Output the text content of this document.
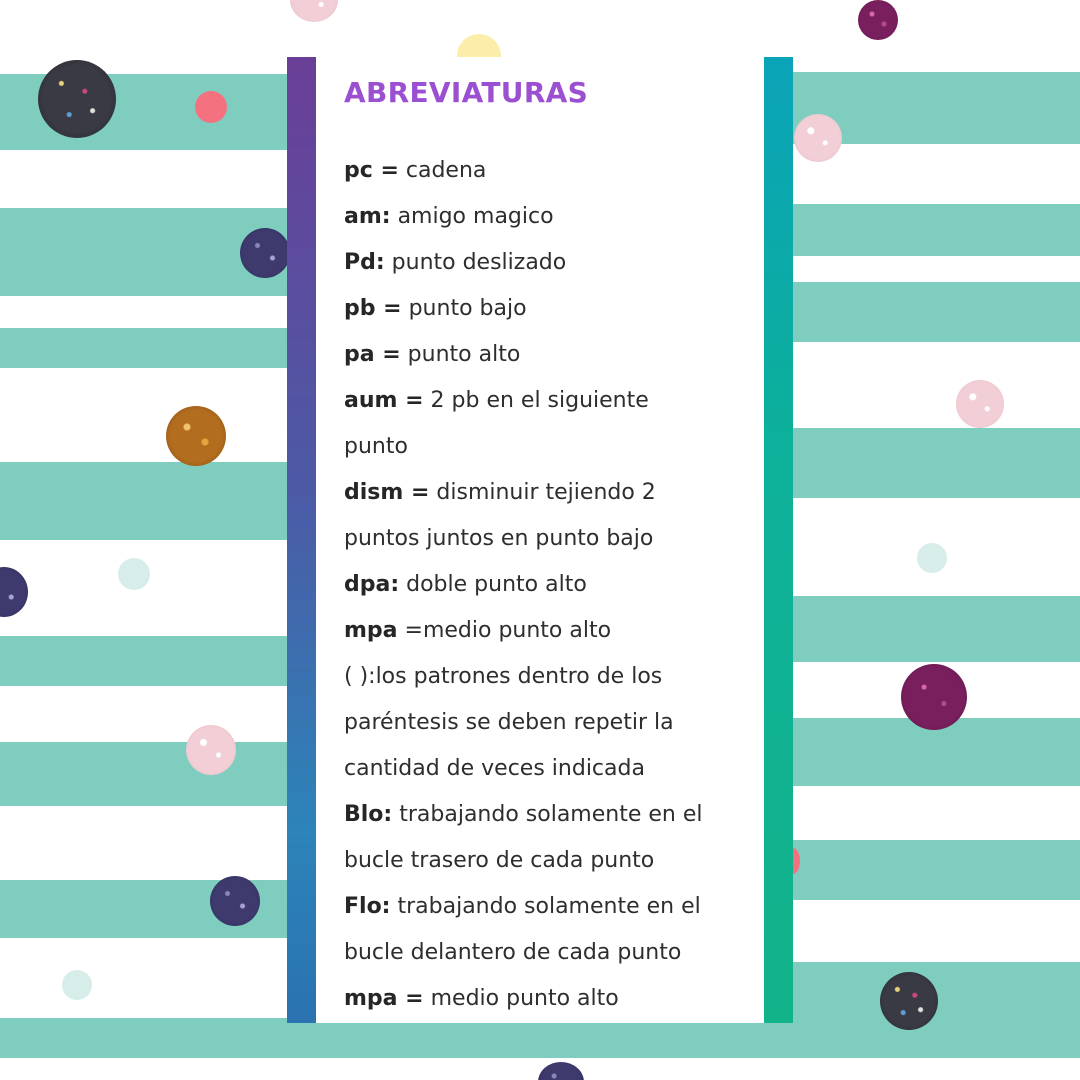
ABREVIATURAS
pc = cadena
am: amigo magico
Pd: punto deslizado
pb = punto bajo
pa = punto alto
aum = 2 pb en el siguiente
punto
dism = disminuir tejiendo 2
puntos juntos en punto bajo
dpa: doble punto alto
mpa =medio punto alto
( ):los patrones dentro de los
paréntesis se deben repetir la
cantidad de veces indicada
Blo: trabajando solamente en el
bucle trasero de cada punto
Flo: trabajando solamente en el
bucle delantero de cada punto
mpa = medio punto alto
